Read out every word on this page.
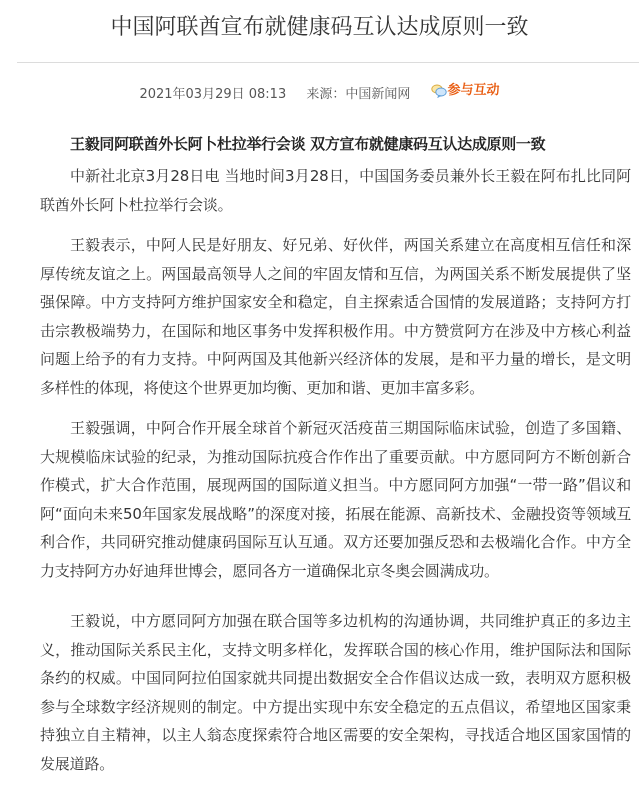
中国阿联酋宣布就健康码互认达成原则一致
2021年03月29日 08:13 来源：中国新闻网	参与互动

王毅同阿联酋外长阿卜杜拉举行会谈 双方宣布就健康码互认达成原则一致

中新社北京3月28日电 当地时间3月28日，中国国务委员兼外长王毅在阿布扎比同阿联酋外长阿卜杜拉举行会谈。

王毅表示，中阿人民是好朋友、好兄弟、好伙伴，两国关系建立在高度相互信任和深厚传统友谊之上。两国最高领导人之间的牢固友情和互信，为两国关系不断发展提供了坚强保障。中方支持阿方维护国家安全和稳定，自主探索适合国情的发展道路；支持阿方打击宗教极端势力，在国际和地区事务中发挥积极作用。中方赞赏阿方在涉及中方核心利益问题上给予的有力支持。中阿两国及其他新兴经济体的发展，是和平力量的增长，是文明多样性的体现，将使这个世界更加均衡、更加和谐、更加丰富多彩。

王毅强调，中阿合作开展全球首个新冠灭活疫苗三期国际临床试验，创造了多国籍、大规模临床试验的纪录，为推动国际抗疫合作作出了重要贡献。中方愿同阿方不断创新合作模式，扩大合作范围，展现两国的国际道义担当。中方愿同阿方加强“一带一路”倡议和阿“面向未来50年国家发展战略”的深度对接，拓展在能源、高新技术、金融投资等领域互利合作，共同研究推动健康码国际互认互通。双方还要加强反恐和去极端化合作。中方全力支持阿方办好迪拜世博会，愿同各方一道确保北京冬奥会圆满成功。

王毅说，中方愿同阿方加强在联合国等多边机构的沟通协调，共同维护真正的多边主义，推动国际关系民主化，支持文明多样化，发挥联合国的核心作用，维护国际法和国际条约的权威。中国同阿拉伯国家就共同提出数据安全合作倡议达成一致，表明双方愿积极参与全球数字经济规则的制定。中方提出实现中东安全稳定的五点倡议，希望地区国家秉持独立自主精神，以主人翁态度探索符合地区需要的安全架构，寻找适合地区国家国情的发展道路。
